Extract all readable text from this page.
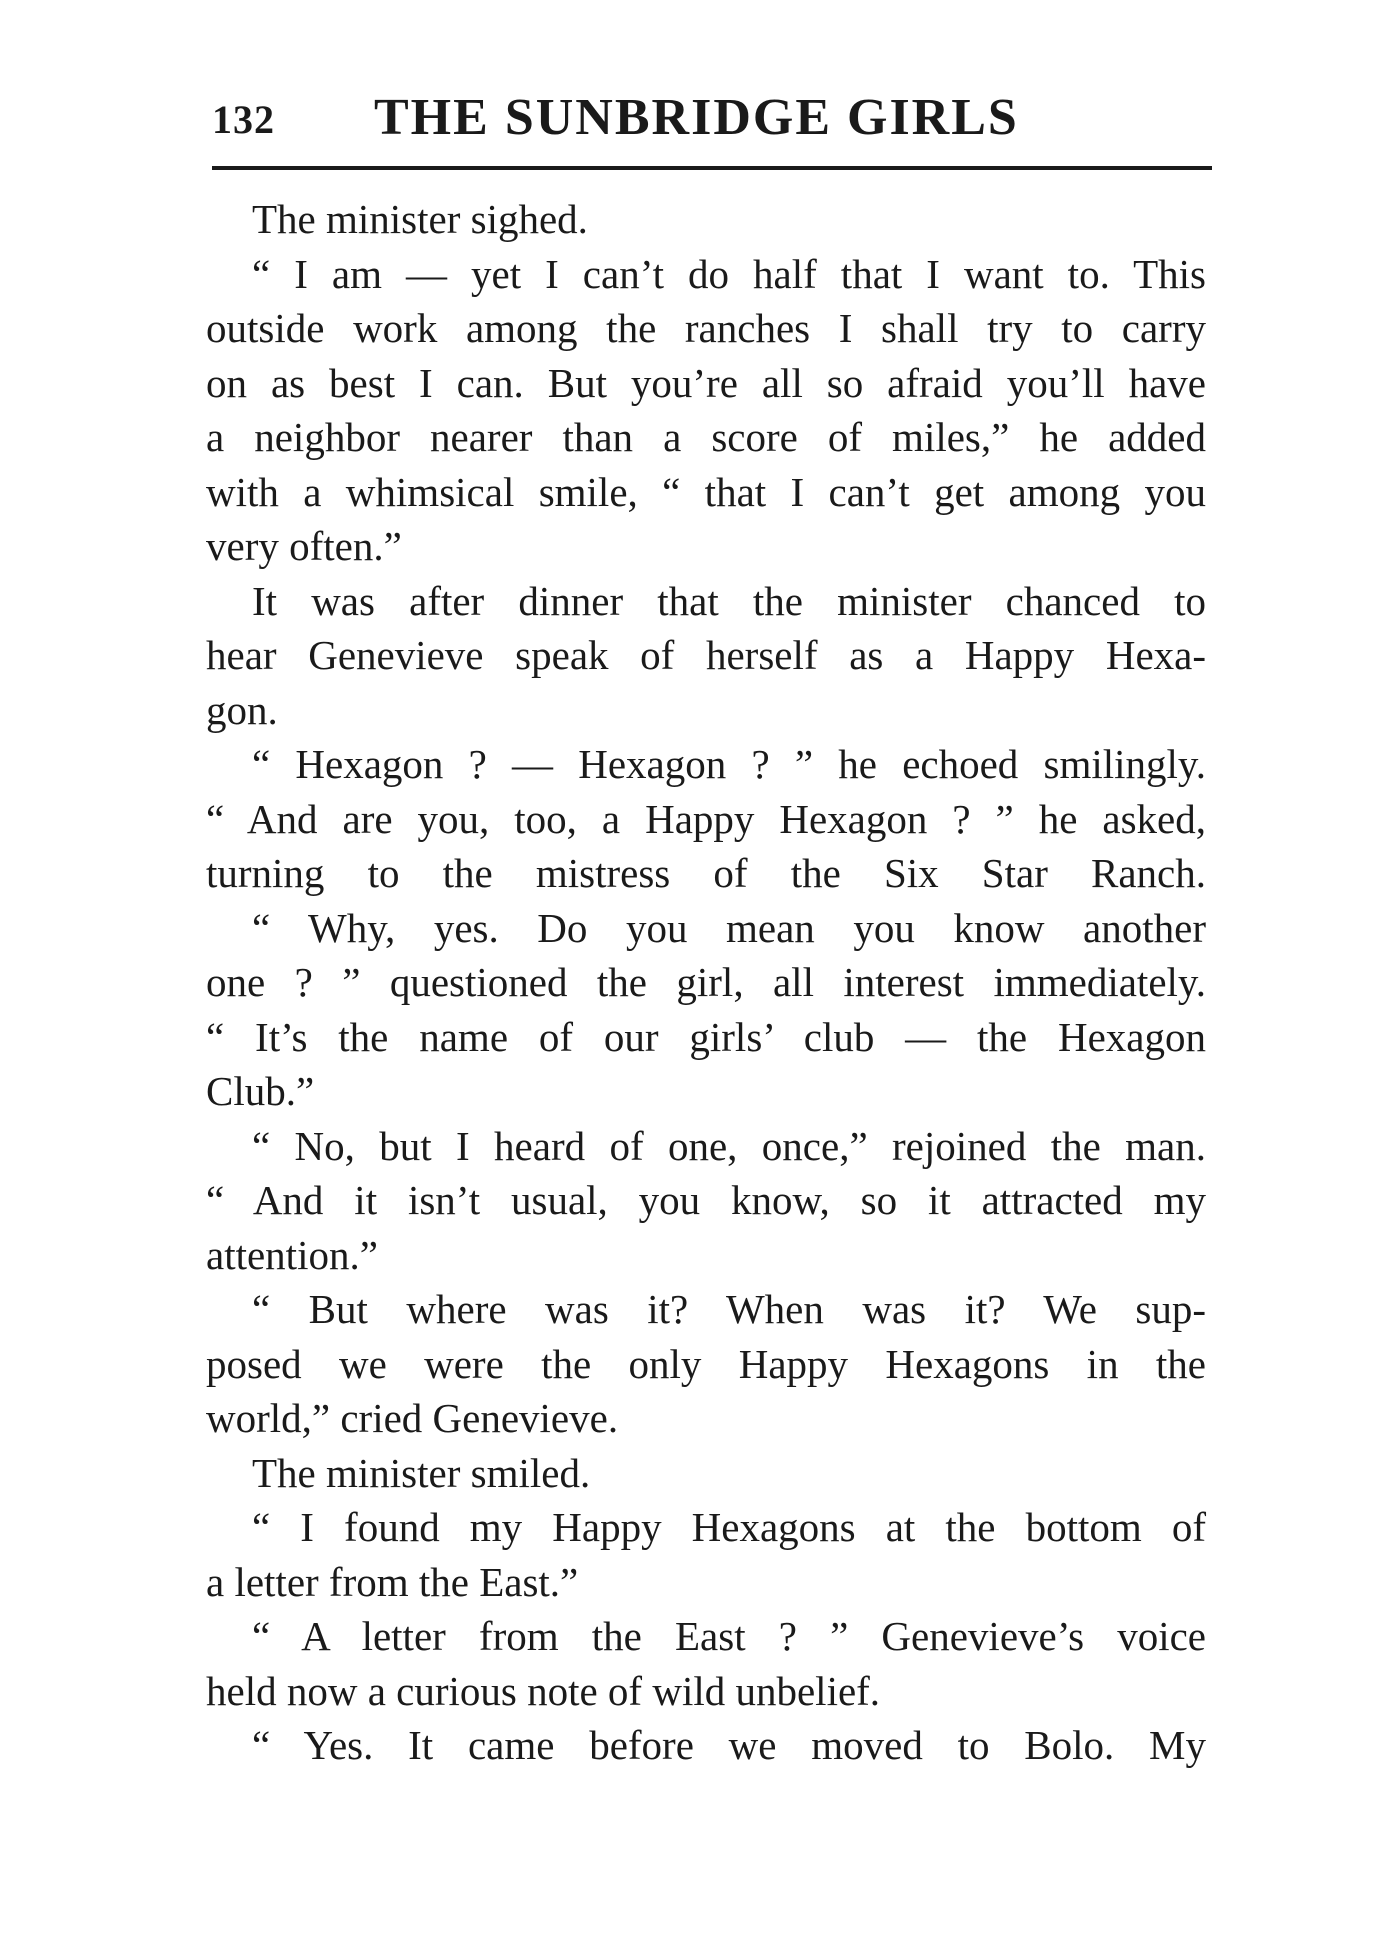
132 THE SUNBRIDGE GIRLS
The minister sighed.
“ I am — yet I can’t do half that I want to. This
outside work among the ranches I shall try to carry
on as best I can. But you’re all so afraid you’ll have
a neighbor nearer than a score of miles,” he added
with a whimsical smile, “ that I can’t get among you
very often.”
It was after dinner that the minister chanced to
hear Genevieve speak of herself as a Happy Hexa-
gon.
“ Hexagon ? — Hexagon ? ” he echoed smilingly.
“ And are you, too, a Happy Hexagon ? ” he asked,
turning to the mistress of the Six Star Ranch.
“ Why, yes. Do you mean you know another
one ? ” questioned the girl, all interest immediately.
“ It’s the name of our girls’ club — the Hexagon
Club.”
“ No, but I heard of one, once,” rejoined the man.
“ And it isn’t usual, you know, so it attracted my
attention.”
“ But where was it? When was it? We sup-
posed we were the only Happy Hexagons in the
world,” cried Genevieve.
The minister smiled.
“ I found my Happy Hexagons at the bottom of
a letter from the East.”
“ A letter from the East ? ” Genevieve’s voice
held now a curious note of wild unbelief.
“ Yes. It came before we moved to Bolo. My
